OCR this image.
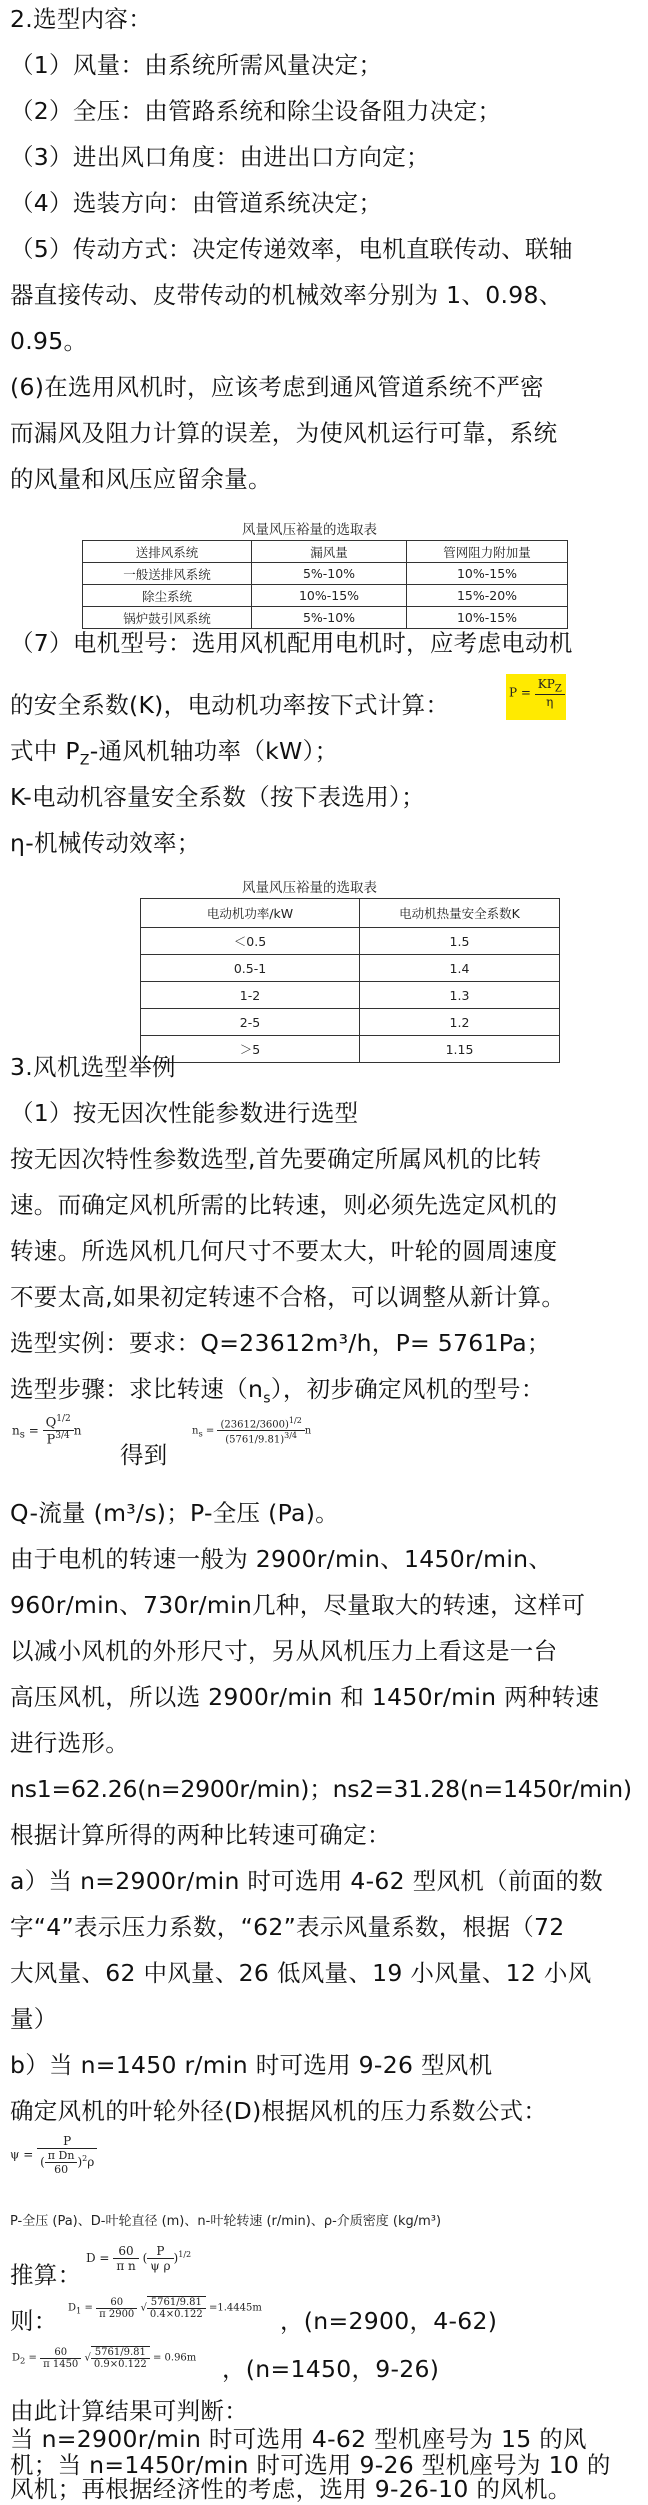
2.选型内容：
（1）风量：由系统所需风量决定；
（2）全压：由管路系统和除尘设备阻力决定；
（3）进出风口角度：由进出口方向定；
（4）选装方向：由管道系统决定；
（5）传动方式：决定传递效率，电机直联传动、联轴
器直接传动、皮带传动的机械效率分别为 1、0.98、
0.95。
(6)在选用风机时，应该考虑到通风管道系统不严密
而漏风及阻力计算的误差，为使风机运行可靠，系统
的风量和风压应留余量。
风量风压裕量的选取表
送排风系统	漏风量	管网阻力附加量
一般送排风系统	5%-10%	10%-15%
除尘系统	10%-15%	15%-20%
锅炉鼓引风系统	5%-10%	10%-15%
（7）电机型号：选用风机配用电机时，应考虑电动机
的安全系数(K)，电动机功率按下式计算：	$P = \frac{KP_Z}{\eta}$
式中 $P_Z-$通风机轴功率（kW）；
K-电动机容量安全系数（按下表选用）；
η-机械传动效率；
风量风压裕量的选取表
电动机功率/kW	电动机热量安全系数K
＜0.5	1.5
0.5-1	1.4
1-2	1.3
2-5	1.2
＞5	1.15
3.风机选型举例
（1）按无因次性能参数进行选型
按无因次特性参数选型,首先要确定所属风机的比转
速。而确定风机所需的比转速，则必须先选定风机的
转速。所选风机几何尺寸不要太大，叶轮的圆周速度
不要太高,如果初定转速不合格，可以调整从新计算。
选型实例：要求：Q=23612m³/h，P= 5761Pa；
选型步骤：求比转速$(n_s)$，初步确定风机的型号：
$n_s = \frac{Q^{1/2}}{P^{3/4}}$ n
得到
$n_s = \frac{(23612/3600)^{1/2}}{(5761/9.81)^{3/4}}$ n
Q-流量 (m³/s)；P-全压 (Pa)。
由于电机的转速一般为 2900r/min、1450r/min、
960r/min、730r/min几种，尽量取大的转速，这样可
以减小风机的外形尺寸，另从风机压力上看这是一台
高压风机，所以选 2900r/min 和 1450r/min 两种转速
进行选形。
ns1=62.26(n=2900r/min)；ns2=31.28(n=1450r/min)
根据计算所得的两种比转速可确定：
a）当 n=2900r/min 时可选用 4-62 型风机（前面的数
字“4”表示压力系数，“62”表示风量系数，根据（72
大风量、62 中风量、26 低风量、19 小风量、12 小风
量）
b）当 n=1450 r/min 时可选用 9-26 型风机
确定风机的叶轮外径(D)根据风机的压力系数公式：
$\psi = \frac{P}{( \frac{\text{π Dn}}{60} )^2\rho}$
P-全压 (Pa)、D-叶轮直径 (m)、n-叶轮转速 (r/min)、ρ-介质密度 (kg/m³)
推算：
$D = \frac{60}{\text{π n}}$ ( $\frac{P}{\text{ψ ρ}} )^{1/2}$
则： $D_1 = \frac{60}{\pi 2900}$ √ $\frac{5761/9.81}{0.4\times 0.122} =1.4445m$ ，(n=2900，4-62)
$D_2 = \frac{60}{\pi 1450}$ √ $\frac{5761/9.81}{0.9\times 0.122} = 0.96m$ ，(n=1450，9-26)
由此计算结果可判断：
当 n=2900r/min 时可选用 4-62 型机座号为 15 的风
机；当 n=1450r/min 时可选用 9-26 型机座号为 10 的
风机；再根据经济性的考虑，选用 9-26-10 的风机。
